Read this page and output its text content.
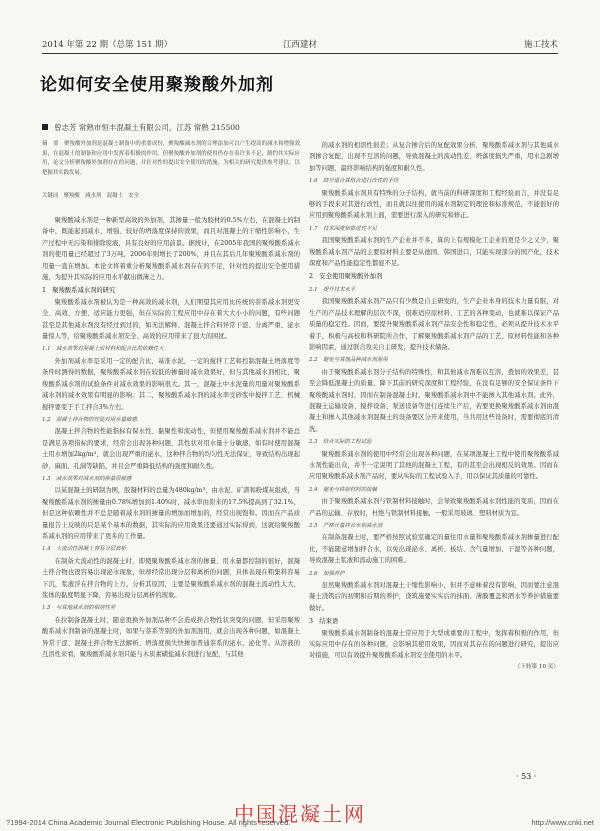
2014 年第 22 期（总第 151 期）	江西建材	施工技术
论如何安全使用聚羧酸外加剂
曾志芳 常熟市恒丰混凝土有限公司，江苏 常熟 215500
摘　要　聚羧酸外加剂是混凝土制备中的重要成份，聚羧酸减水剂的合理添加可以产生提高的减水和增强效果，在混凝土的制备和应用中发挥着积极的作用。但聚羧酸外加剂的使用仍存在着许多不足，制约其实际应用，论文分析聚羧酸外加剂存在的问题，并针对性的提出安全使用的措施，为相关的研究提供参考建议，以把握其实践发展。
关键词　聚羧酸　减水剂　混凝土　安全

聚羧酸减水剂是一种新型高效的外加剂，其掺量一般为胶材的0.5%左右，在混凝土的制备中，既能起到减水、增强、较好的坍落度保持的效果，而且对混凝土的干缩性影响小，生产过程中无污染和排除废液，具有良好的应用前景。据统计，在2005年我国的聚羧酸系减水剂的使用量已经超过了3万吨，2006年则增长了200%，并且在其后几年聚羧酸系减水剂的用量一直在增加。本论文将着重分析聚羧酸系减水剂存在的不足，针对性的提出安全使用措施，为提升其实际的应用水平献出微薄之力。

1　聚羧酸系减水剂的研究

聚羧酸系减水剂被认为是一种高效的减水剂，人们期望其应用比传统的萘系减水剂更安全、高效、方便、适应能力更强，但在实际的工程应用中存在着大大小小的问题，有些问题甚至是其他减水剂没有经过到过的，如无法解释、混凝土拌合料异常干涩、分离严重、泌水量惊人等，给聚羧酸系减水剂安全、高效的应用带来了很大的困扰。

1.1　减水效果对混凝土原材料和配合比的依赖性大

外加剂减水率是采用一定的配合比，基准水泥，一定的搅拌工艺和控制混凝土坍落度等条件时测得的数据，聚羧酸系减水剂在较低的掺量时减水效果好，但与其他减水剂相比，聚羧酸系减水剂的试验条件对减水效果的影响很大。其一，混凝土中水泥量的用量对聚羧酸系减水剂的减水效果有明显的影响；其二，聚羧酸系减水剂的减水率受砂浆中搅拌工艺、机械搅拌要变于手工拌合3%左右。

1.2　混凝土拌合物的性能对用水量敏感

混凝土拌合物的性能指标有保水性、黏聚性和流动性，但使用聚羧酸系减水剂并不能总是满足各项指标的要求，经常会出现各种问题，其性状对用水量十分敏感，如有时使用混凝土用水增加2kg/m³，就会出现严重的泌水，这种拌合物的均匀性无法保证，导致结构出现起砂、麻面、孔洞等缺陷，并且会严重降低结构的强度和耐久性。

1.3　减水效果对减水剂的掺量很敏感

以某混凝土的研制为例，胶凝材料的总量为480kg/m³，由水泥、矿渣和粉煤灰组成，当聚羧酸系减水剂的掺量由0.78%增加到1.40%时，减水率由原来的17.5%提高到了32.1%，但是这种依赖性并不总是随着减水剂的掺量的增加而增加的，经常出现饱和。因而在产品质量报告上反映的只是某个基本的数据，其实际的应用效果还要通过实际得到，这就给聚羧酸系减水剂的应用带来了更多的工作量。

1.4　大流动性混凝土容易分层离析

在制备大流动性的混凝土时，即使聚羧酸系减水剂的掺量、用水量都控制的很好，混凝土拌合物也很容易出现泌水现象，但却经常出现分层和离析的问题，具体表现在粗集料容易下沉，浆液浮在拌合物的上方。分析其原因，主要是聚羧酸系减水剂的混凝土流动性太大，浆体的黏度明显下降，容易出现分层离析的现象。

1.5　与其他减水剂的相溶性差

在拉制备混凝土时，随意更换外加剂品种不会造成拌合物性状突变的问题，但采用聚羧酸系减水剂制备的混凝土时，如果与萘系等别的外加剂混用，就会出现各种问题，如混凝土异常干涩、混凝土拌合物无法解析、坍落度损失快掺加普通萘系的泌水，泌化等。从溶液的互溶性来看，聚羧酸系减水剂只能与木质素磺盐减水剂进行复配，与其他

的减水剂的相溶性很差；从复合掺合后的复配效果分析，聚羧酸系减水剂与其他减水剂掺合复配，出现不互溶的问题，导致混凝土的流动性差、坍落度损失严重，用水急剧增加等问题，最终影响结构的强度和耐久性。

1.6　缺少适合其组合进行改性的手段

聚羧酸系减水剂具有特殊的分子结构，就当前的科研深度和工程经验而言，并没有足够的手段来对其进行改性，而且就以往使用的减水剂制定的理论和标准规范，不能很好的应用到聚羧酸系减水剂上面，需要进行深入的研究和修正。

1.7　技术深度和推进性不足

我国聚羧酸系减水剂的生产企业并不多，算的上有规模化工企业的更是少之又少，聚羧酸系减水剂产品的主要原材料主要是从德国、韩国进口，只能实现部分的国产化，技术深度和产品性能稳定性都显不足。

2　安全使用聚羧酸外加剂
2.1　提升技术水平

我国聚羧酸系减水剂产品只有少数是自主研发的，生产企业本身的技术力量有限，对生产的产品技术理解的层次不深，很难适应原材料、工艺的各种变动，也就难以保证产品质量的稳定性。因而，要提升聚羧酸系减水剂产品安全性和稳定性，必须从提升技术水平着手，积极与高校和科研院所合作，了解聚羧酸系减水剂产品的工艺、原材料性能和各种影响因素，通过联合攻关自主研发，提升技术储备。

2.2　避免与其他品种减水剂混用

由于聚羧酸系减水剂分子结构的特殊性，和其他减水剂难以互溶，叠加的效果差，甚至会降低混凝土的质量，降下其前的研究深度和工程经验，在没有足够的安全保证条件下聚羧酸减水剂时，因而在制备混凝土时，聚羧酸系减水剂中不能掺入其他减水剂。此外，混凝土运输设备、搅拌设备、泵送设备等进行连续生产后，若要更换聚羧酸系减水剂由混凝土和掺入其他减水剂混凝土的设备要区分开来使用，当共用这些设备时，需要彻底的清洗。

2.3　结合实际的工程试验

聚羧酸系减水剂的使用中经常会出现各种问题，在某项混凝土工程中使用聚羧酸系减水剂性能出众，并不一定说明了其他的混凝土工程，有的甚至会出现相反的效果。因而在应用聚羧酸系减水剂产品时，要从实际的工程试验入手，用以保证其质量的可靠性。

2.4　避免与铁制材料的接触

由于聚羧酸系减水剂与铁制材料接触时，会导致聚羧酸系减水剂性能的变质，因而在产品的运输、存放时，杜绝与铁制材料接触，一般采用玻璃、塑料材质为宜。

2.5　严格计量拌合水和减水剂

在制备混凝土时，要严格按照试验室确定的量往用水量和聚羧酸系减水剂掺量进行配比，不能随意增加拌合水，以免出现泌水、离析、板结、含气量增加、干湿等各种问题，导致混凝土浆液和流动施工的困难。

2.6　加强养护

虽然聚羧酸系减水剂对混凝土干缩性影响小，但并不意味着没有影响，因而要注意混凝土浇筑后的初期和后期的养护，浇筑施要实实后的抹面、薄膜覆盖和洒水等养护措施要做好。

3　结束语

聚羧酸系减水剂制备的混凝土常应用于大型或重要的工程中，发挥着积极的作用，但实际应用中存在的各种问题，会影响其使用效果，因而对其存在的问题进行研究，提出应对措施，可以有效提升聚羧酸系减水剂安全使用的水平。

（下转第 10 页）

· 53 ·
中国混凝土网
?1994-2014 China Academic Journal Electronic Publishing House. All rights reserved.	http://www.cnki.net
